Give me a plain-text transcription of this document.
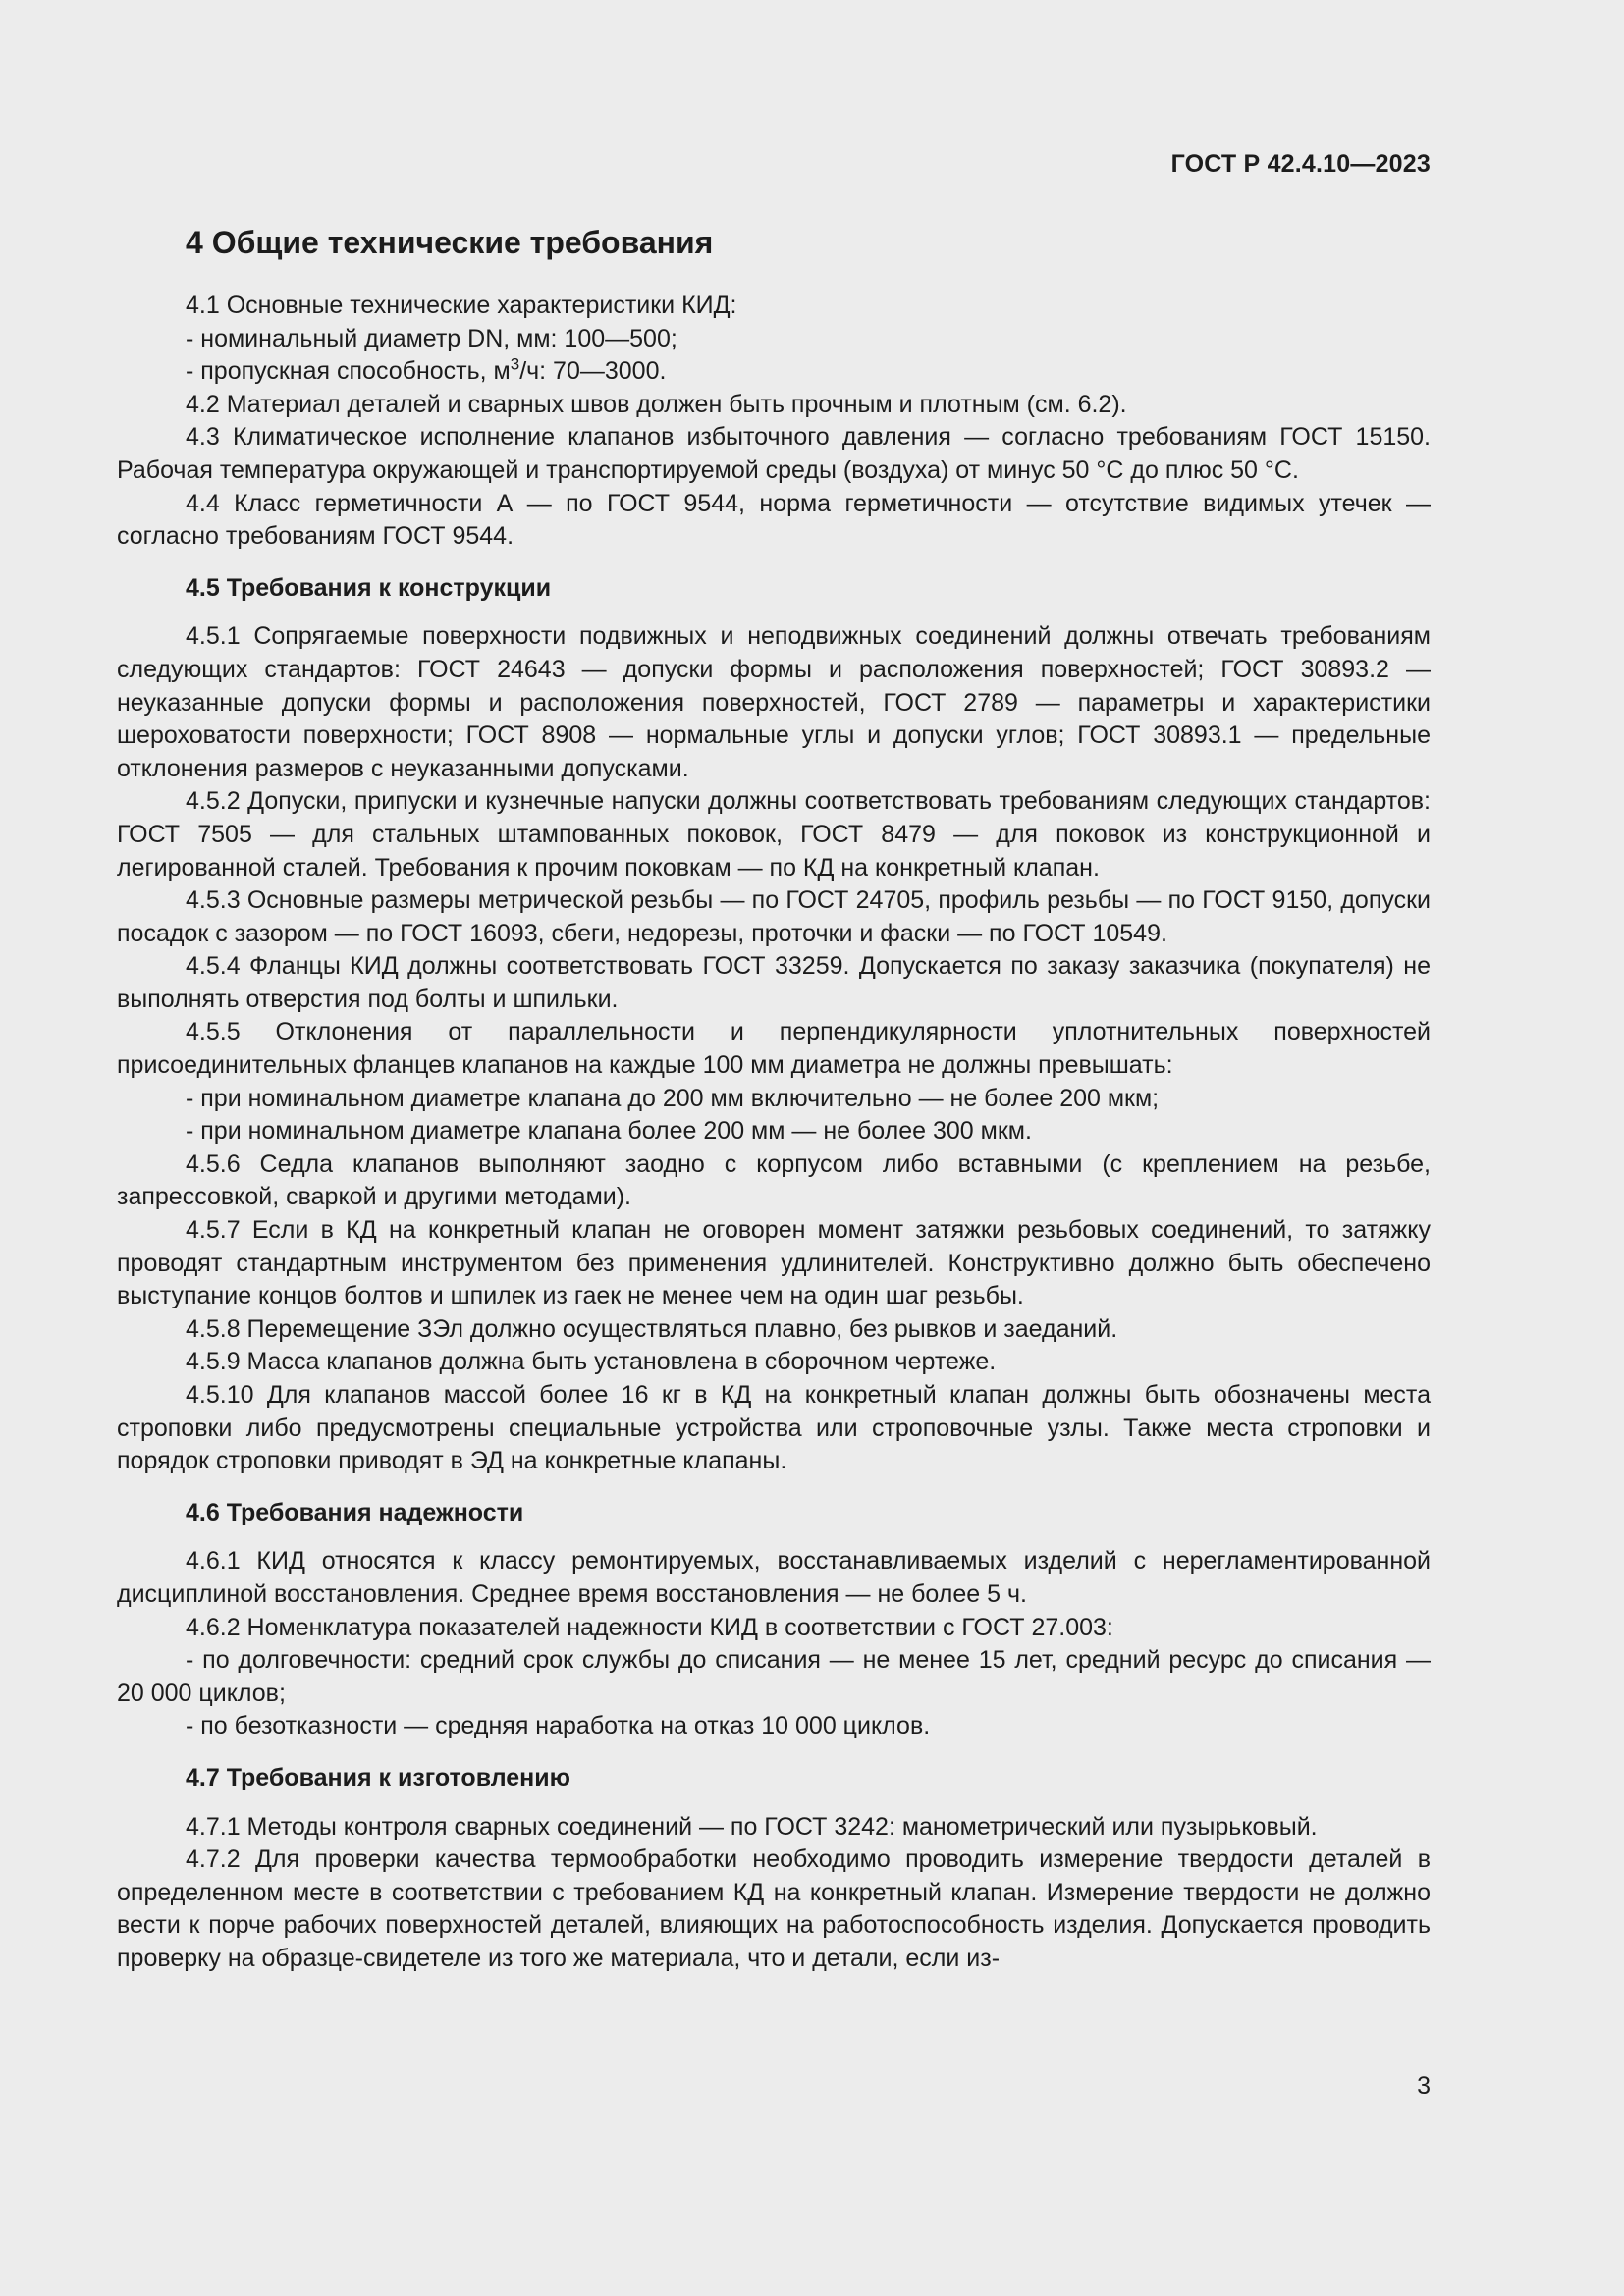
ГОСТ Р 42.4.10—2023
4 Общие технические требования

4.1 Основные технические характеристики КИД:

- номинальный диаметр DN, мм: 100—500;

- пропускная способность, $м^3/ч$: 70—3000.

4.2 Материал деталей и сварных швов должен быть прочным и плотным (см. 6.2).

4.3 Климатическое исполнение клапанов избыточного давления — согласно требованиям ГОСТ 15150. Рабочая температура окружающей и транспортируемой среды (воздуха) от минус 50 °С до плюс 50 °С.

4.4 Класс герметичности А — по ГОСТ 9544, норма герметичности — отсутствие видимых утечек — согласно требованиям ГОСТ 9544.

4.5 Требования к конструкции

4.5.1 Сопрягаемые поверхности подвижных и неподвижных соединений должны отвечать требованиям следующих стандартов: ГОСТ 24643 — допуски формы и расположения поверхностей; ГОСТ 30893.2 — неуказанные допуски формы и расположения поверхностей, ГОСТ 2789 — параметры и характеристики шероховатости поверхности; ГОСТ 8908 — нормальные углы и допуски углов; ГОСТ 30893.1 — предельные отклонения размеров с неуказанными допусками.

4.5.2 Допуски, припуски и кузнечные напуски должны соответствовать требованиям следующих стандартов: ГОСТ 7505 — для стальных штампованных поковок, ГОСТ 8479 — для поковок из конструкционной и легированной сталей. Требования к прочим поковкам — по КД на конкретный клапан.

4.5.3 Основные размеры метрической резьбы — по ГОСТ 24705, профиль резьбы — по ГОСТ 9150, допуски посадок с зазором — по ГОСТ 16093, сбеги, недорезы, проточки и фаски — по ГОСТ 10549.

4.5.4 Фланцы КИД должны соответствовать ГОСТ 33259. Допускается по заказу заказчика (покупателя) не выполнять отверстия под болты и шпильки.

4.5.5 Отклонения от параллельности и перпендикулярности уплотнительных поверхностей присоединительных фланцев клапанов на каждые 100 мм диаметра не должны превышать:

- при номинальном диаметре клапана до 200 мм включительно — не более 200 мкм;

- при номинальном диаметре клапана более 200 мм — не более 300 мкм.

4.5.6 Седла клапанов выполняют заодно с корпусом либо вставными (с креплением на резьбе, запрессовкой, сваркой и другими методами).

4.5.7 Если в КД на конкретный клапан не оговорен момент затяжки резьбовых соединений, то затяжку проводят стандартным инструментом без применения удлинителей. Конструктивно должно быть обеспечено выступание концов болтов и шпилек из гаек не менее чем на один шаг резьбы.

4.5.8 Перемещение ЗЭл должно осуществляться плавно, без рывков и заеданий.

4.5.9 Масса клапанов должна быть установлена в сборочном чертеже.

4.5.10 Для клапанов массой более 16 кг в КД на конкретный клапан должны быть обозначены места строповки либо предусмотрены специальные устройства или строповочные узлы. Также места строповки и порядок строповки приводят в ЭД на конкретные клапаны.

4.6 Требования надежности

4.6.1 КИД относятся к классу ремонтируемых, восстанавливаемых изделий с нерегламентированной дисциплиной восстановления. Среднее время восстановления — не более 5 ч.

4.6.2 Номенклатура показателей надежности КИД в соответствии с ГОСТ 27.003:

- по долговечности: средний срок службы до списания — не менее 15 лет, средний ресурс до списания — 20 000 циклов;

- по безотказности — средняя наработка на отказ 10 000 циклов.

4.7 Требования к изготовлению

4.7.1 Методы контроля сварных соединений — по ГОСТ 3242: манометрический или пузырьковый.

4.7.2 Для проверки качества термообработки необходимо проводить измерение твердости деталей в определенном месте в соответствии с требованием КД на конкретный клапан. Измерение твердости не должно вести к порче рабочих поверхностей деталей, влияющих на работоспособность изделия. Допускается проводить проверку на образце-свидетеле из того же материала, что и детали, если из-

3
